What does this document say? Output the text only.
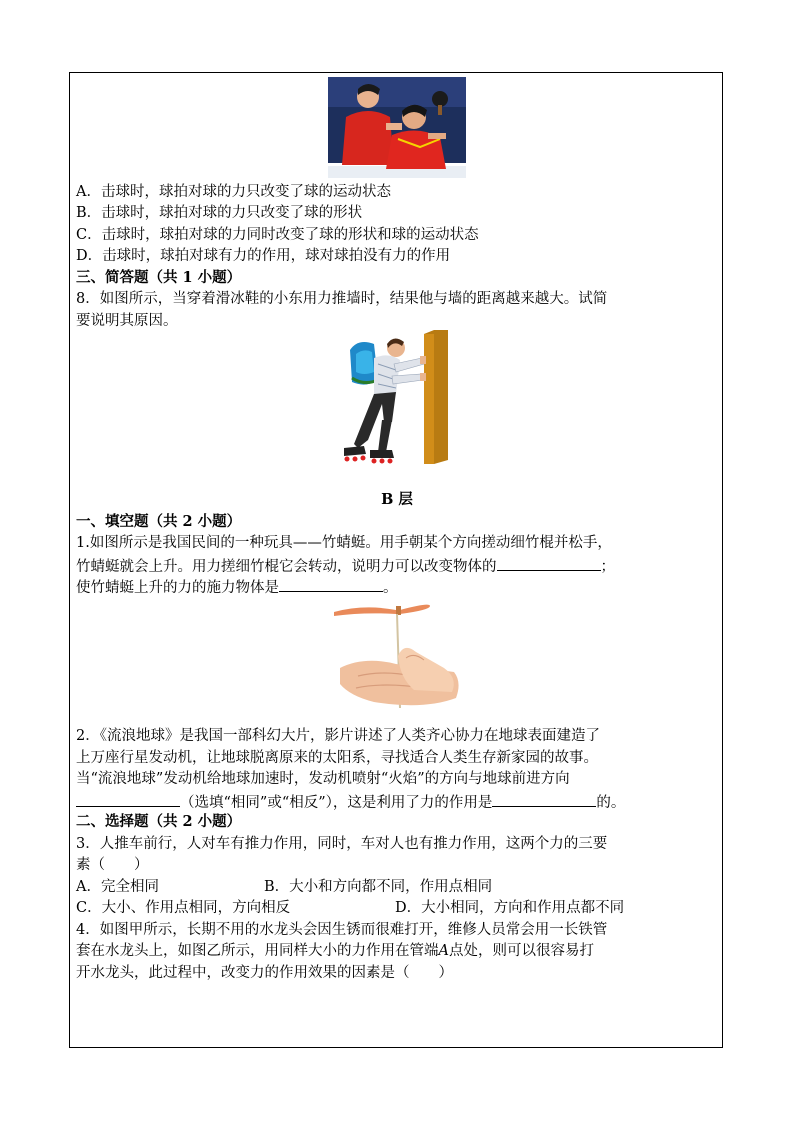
A．击球时，球拍对球的力只改变了球的运动状态
B．击球时，球拍对球的力只改变了球的形状
C．击球时，球拍对球的力同时改变了球的形状和球的运动状态
D．击球时，球拍对球有力的作用，球对球拍没有力的作用
三、简答题（共 1 小题）
8．如图所示，当穿着滑冰鞋的小东用力推墙时，结果他与墙的距离越来越大。试简
要说明其原因。
B 层
一、填空题（共 2 小题）
1.如图所示是我国民间的一种玩具——竹蜻蜓。用手朝某个方向搓动细竹棍并松手，
竹蜻蜓就会上升。用力搓细竹棍它会转动，说明力可以改变物体的	；
使竹蜻蜓上升的力的施力物体是	。
2．《流浪地球》是我国一部科幻大片，影片讲述了人类齐心协力在地球表面建造了
上万座行星发动机，让地球脱离原来的太阳系，寻找适合人类生存新家园的故事。
当“流浪地球”发动机给地球加速时，发动机喷射“火焰”的方向与地球前进方向
（选填“相同”或“相反”），这是利用了力的作用是	的。
二、选择题（共 2 小题）
3．人推车前行，人对车有推力作用，同时，车对人也有推力作用，这两个力的三要
素（　　）
A．完全相同	B．大小和方向都不同，作用点相同
C．大小、作用点相同，方向相反	D．大小相同，方向和作用点都不同
4．如图甲所示，长期不用的水龙头会因生锈而很难打开，维修人员常会用一长铁管
套在水龙头上，如图乙所示，用同样大小的力作用在管端A点处，则可以很容易打
开水龙头，此过程中，改变力的作用效果的因素是（　　）
